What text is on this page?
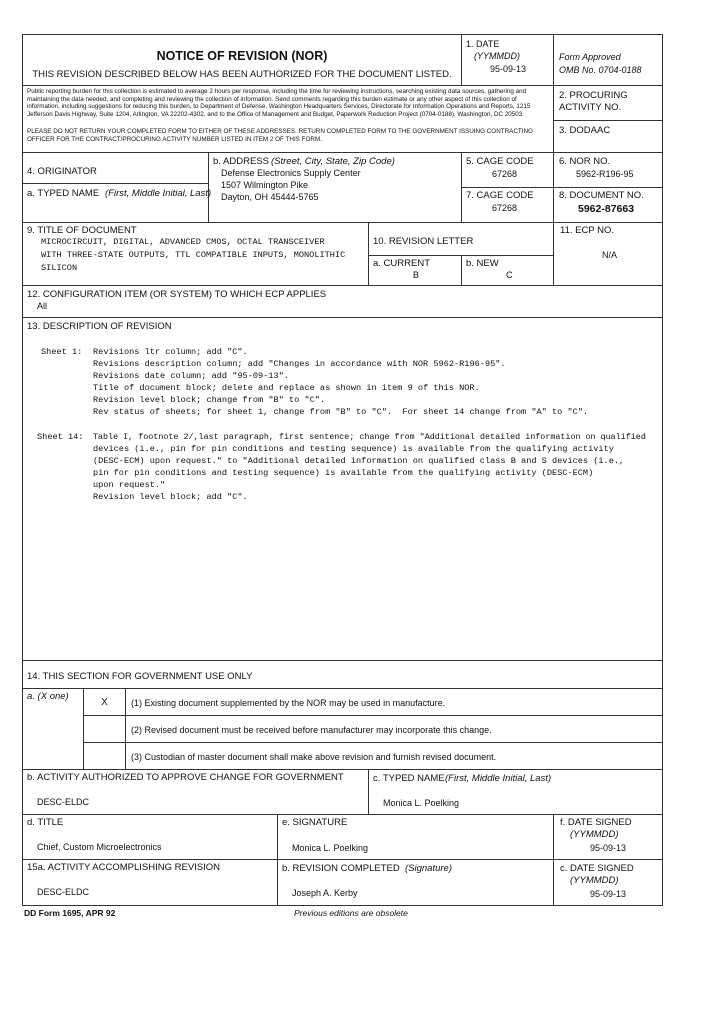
NOTICE OF REVISION (NOR)
THIS REVISION DESCRIBED BELOW HAS BEEN AUTHORIZED FOR THE DOCUMENT LISTED.
1. DATE
(YYMMDD)
95-09-13
Form Approved
OMB No. 0704-0188
Public reporting burden for this collection is estimated to average 2 hours per response, including the time for reviewing instructions, searching existing data sources, gathering and maintaining the data needed, and completing and reviewing the collection of information. Send comments regarding this burden estimate or any other aspect of this collection of information, including suggestions for reducing this burden, to Department of Defense, Washington Headquarters Services, Directorate for Information Operations and Reports, 1215 Jefferson Davis Highway, Suite 1204, Arlington, VA 22202-4302, and to the Office of Management and Budget, Paperwork Reduction Project (0704-0188), Washington, DC 20503.
PLEASE DO NOT RETURN YOUR COMPLETED FORM TO EITHER OF THESE ADDRESSES. RETURN COMPLETED FORM TO THE GOVERNMENT ISSUING CONTRACTING OFFICER FOR THE CONTRACT/PROCURING ACTIVITY NUMBER LISTED IN ITEM 2 OF THIS FORM.
2. PROCURING ACTIVITY NO.
3. DODAAC
4. ORIGINATOR
a. TYPED NAME (First, Middle Initial, Last)
b. ADDRESS (Street, City, State, Zip Code)
Defense Electronics Supply Center
1507 Wilmington Pike
Dayton, OH 45444-5765
5. CAGE CODE
67268
6. NOR NO.
5962-R196-95
7. CAGE CODE
67268
8. DOCUMENT NO.
5962-87663
9. TITLE OF DOCUMENT
MICROCIRCUIT, DIGITAL, ADVANCED CMOS, OCTAL TRANSCEIVER
WITH THREE-STATE OUTPUTS, TTL COMPATIBLE INPUTS, MONOLITHIC
SILICON
10. REVISION LETTER
a. CURRENT
B
b. NEW
C
11. ECP NO.
N/A
12. CONFIGURATION ITEM (OR SYSTEM) TO WHICH ECP APPLIES
All
13. DESCRIPTION OF REVISION
Sheet 1: Revisions ltr column; add "C".
Revisions description column; add "Changes in accordance with NOR 5962-R196-95".
Revisions date column; add "95-09-13".
Title of document block; delete and replace as shown in item 9 of this NOR.
Revision level block; change from "B" to "C".
Rev status of sheets; for sheet 1, change from "B" to "C".  For sheet 14 change from "A" to "C".
Sheet 14: Table I, footnote 2/,last paragraph, first sentence; change from "Additional detailed information on qualified
devices (i.e., pin for pin conditions and testing sequence) is available from the qualifying activity
(DESC-ECM) upon request." to "Additional detailed information on qualified class B and S devices (i.e.,
pin for pin conditions and testing sequence) is available from the qualifying activity (DESC-ECM)
upon request."
Revision level block; add "C".
14. THIS SECTION FOR GOVERNMENT USE ONLY
a. (X one)
X	(1) Existing document supplemented by the NOR may be used in manufacture.
(2) Revised document must be received before manufacturer may incorporate this change.
(3) Custodian of master document shall make above revision and furnish revised document.
b. ACTIVITY AUTHORIZED TO APPROVE CHANGE FOR GOVERNMENT
DESC-ELDC
c. TYPED NAME (First, Middle Initial, Last)
Monica L. Poelking
d. TITLE
Chief, Custom Microelectronics
e. SIGNATURE
Monica L. Poelking
f. DATE SIGNED
(YYMMDD)
95-09-13
15a. ACTIVITY ACCOMPLISHING REVISION
DESC-ELDC
b. REVISION COMPLETED (Signature)
Joseph A. Kerby
c. DATE SIGNED
(YYMMDD)
95-09-13
DD Form 1695, APR 92	Previous editions are obsolete
